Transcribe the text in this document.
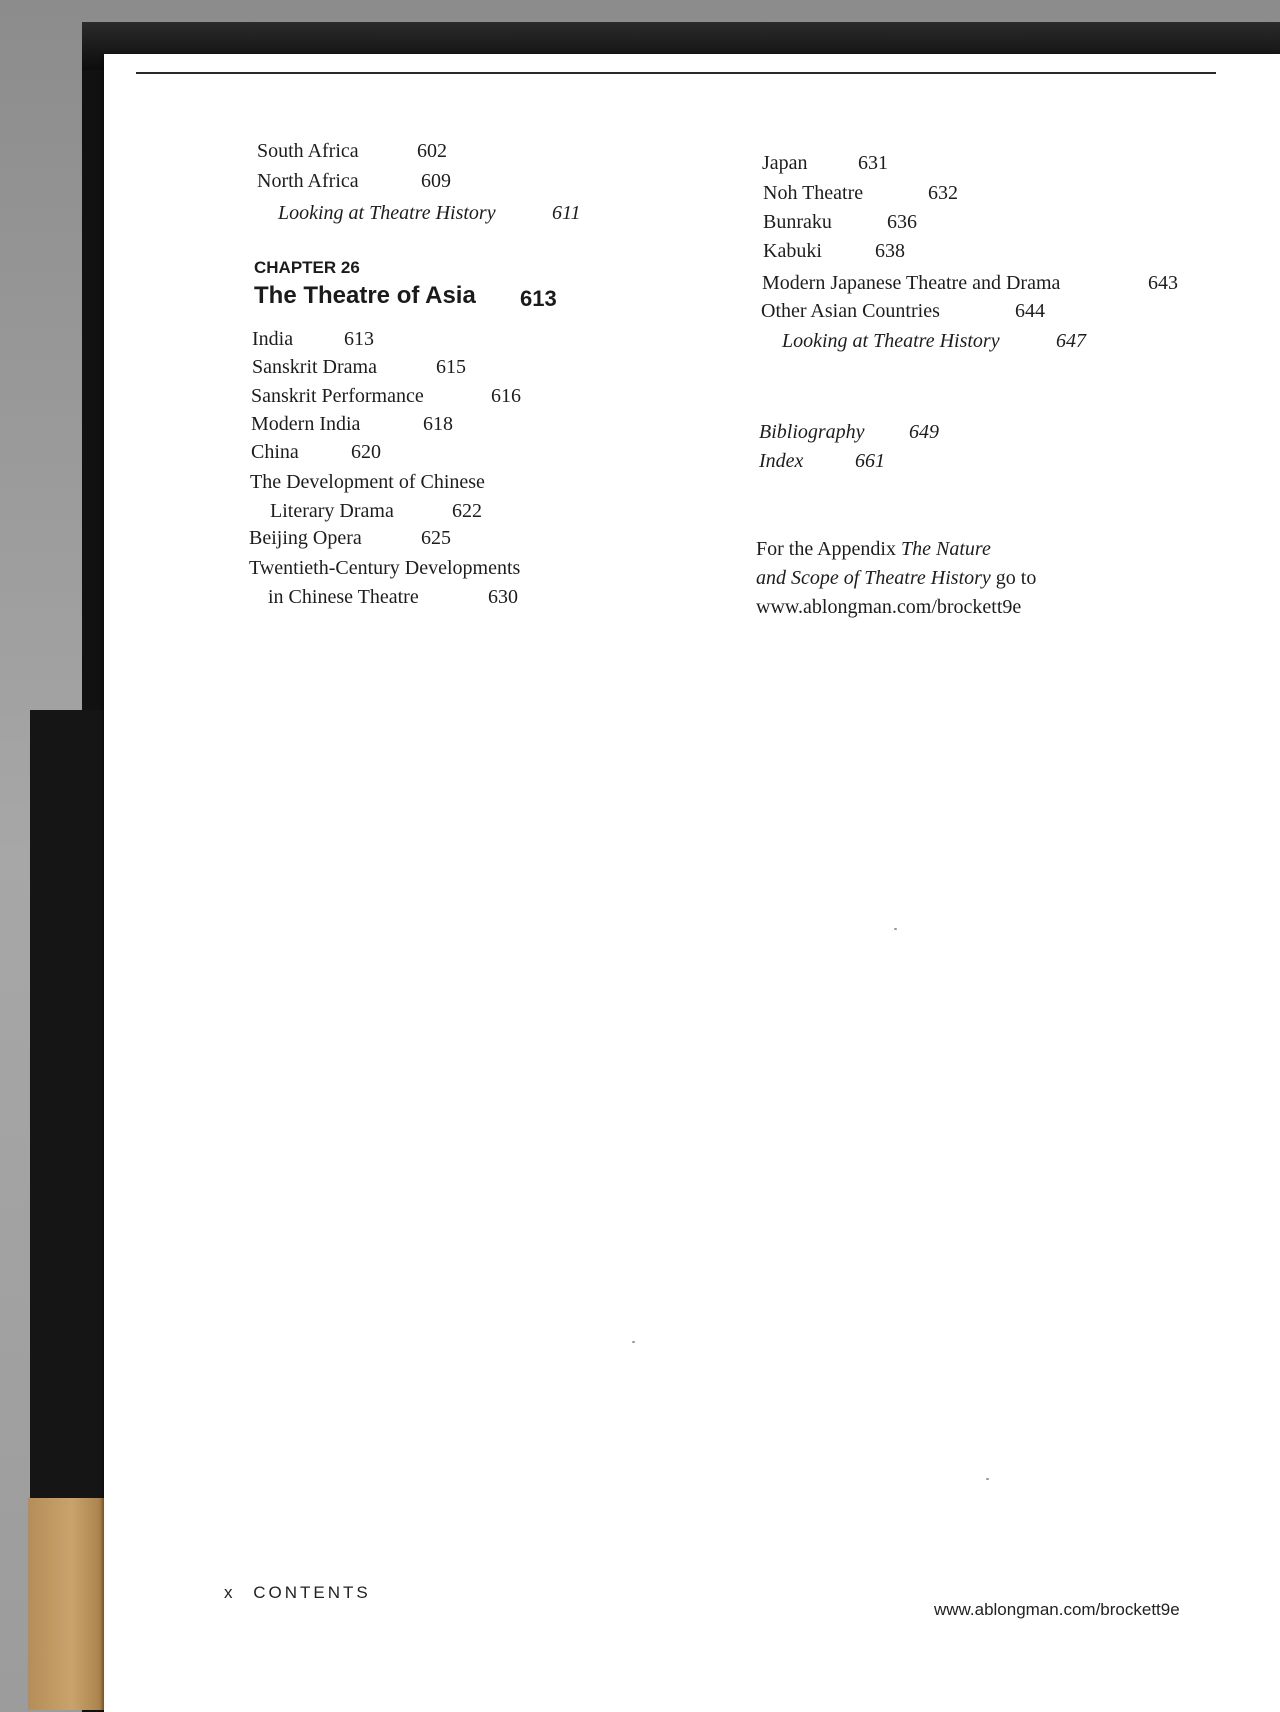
South Africa	602
North Africa	609
Looking at Theatre History	611
CHAPTER 26
The Theatre of Asia 613
India	613
Sanskrit Drama	615
Sanskrit Performance	616
Modern India	618
China	620
The Development of Chinese
Literary Drama	622
Beijing Opera	625
Twentieth-Century Developments
in Chinese Theatre	630
Japan	631
Noh Theatre	632
Bunraku	636
Kabuki	638
Modern Japanese Theatre and Drama	643
Other Asian Countries	644
Looking at Theatre History	647
Bibliography 649
Index	661
For the Appendix The Nature
and Scope of Theatre History go to
www.ablongman.com/brockett9e
x CONTENTS
www.ablongman.com/brockett9e
